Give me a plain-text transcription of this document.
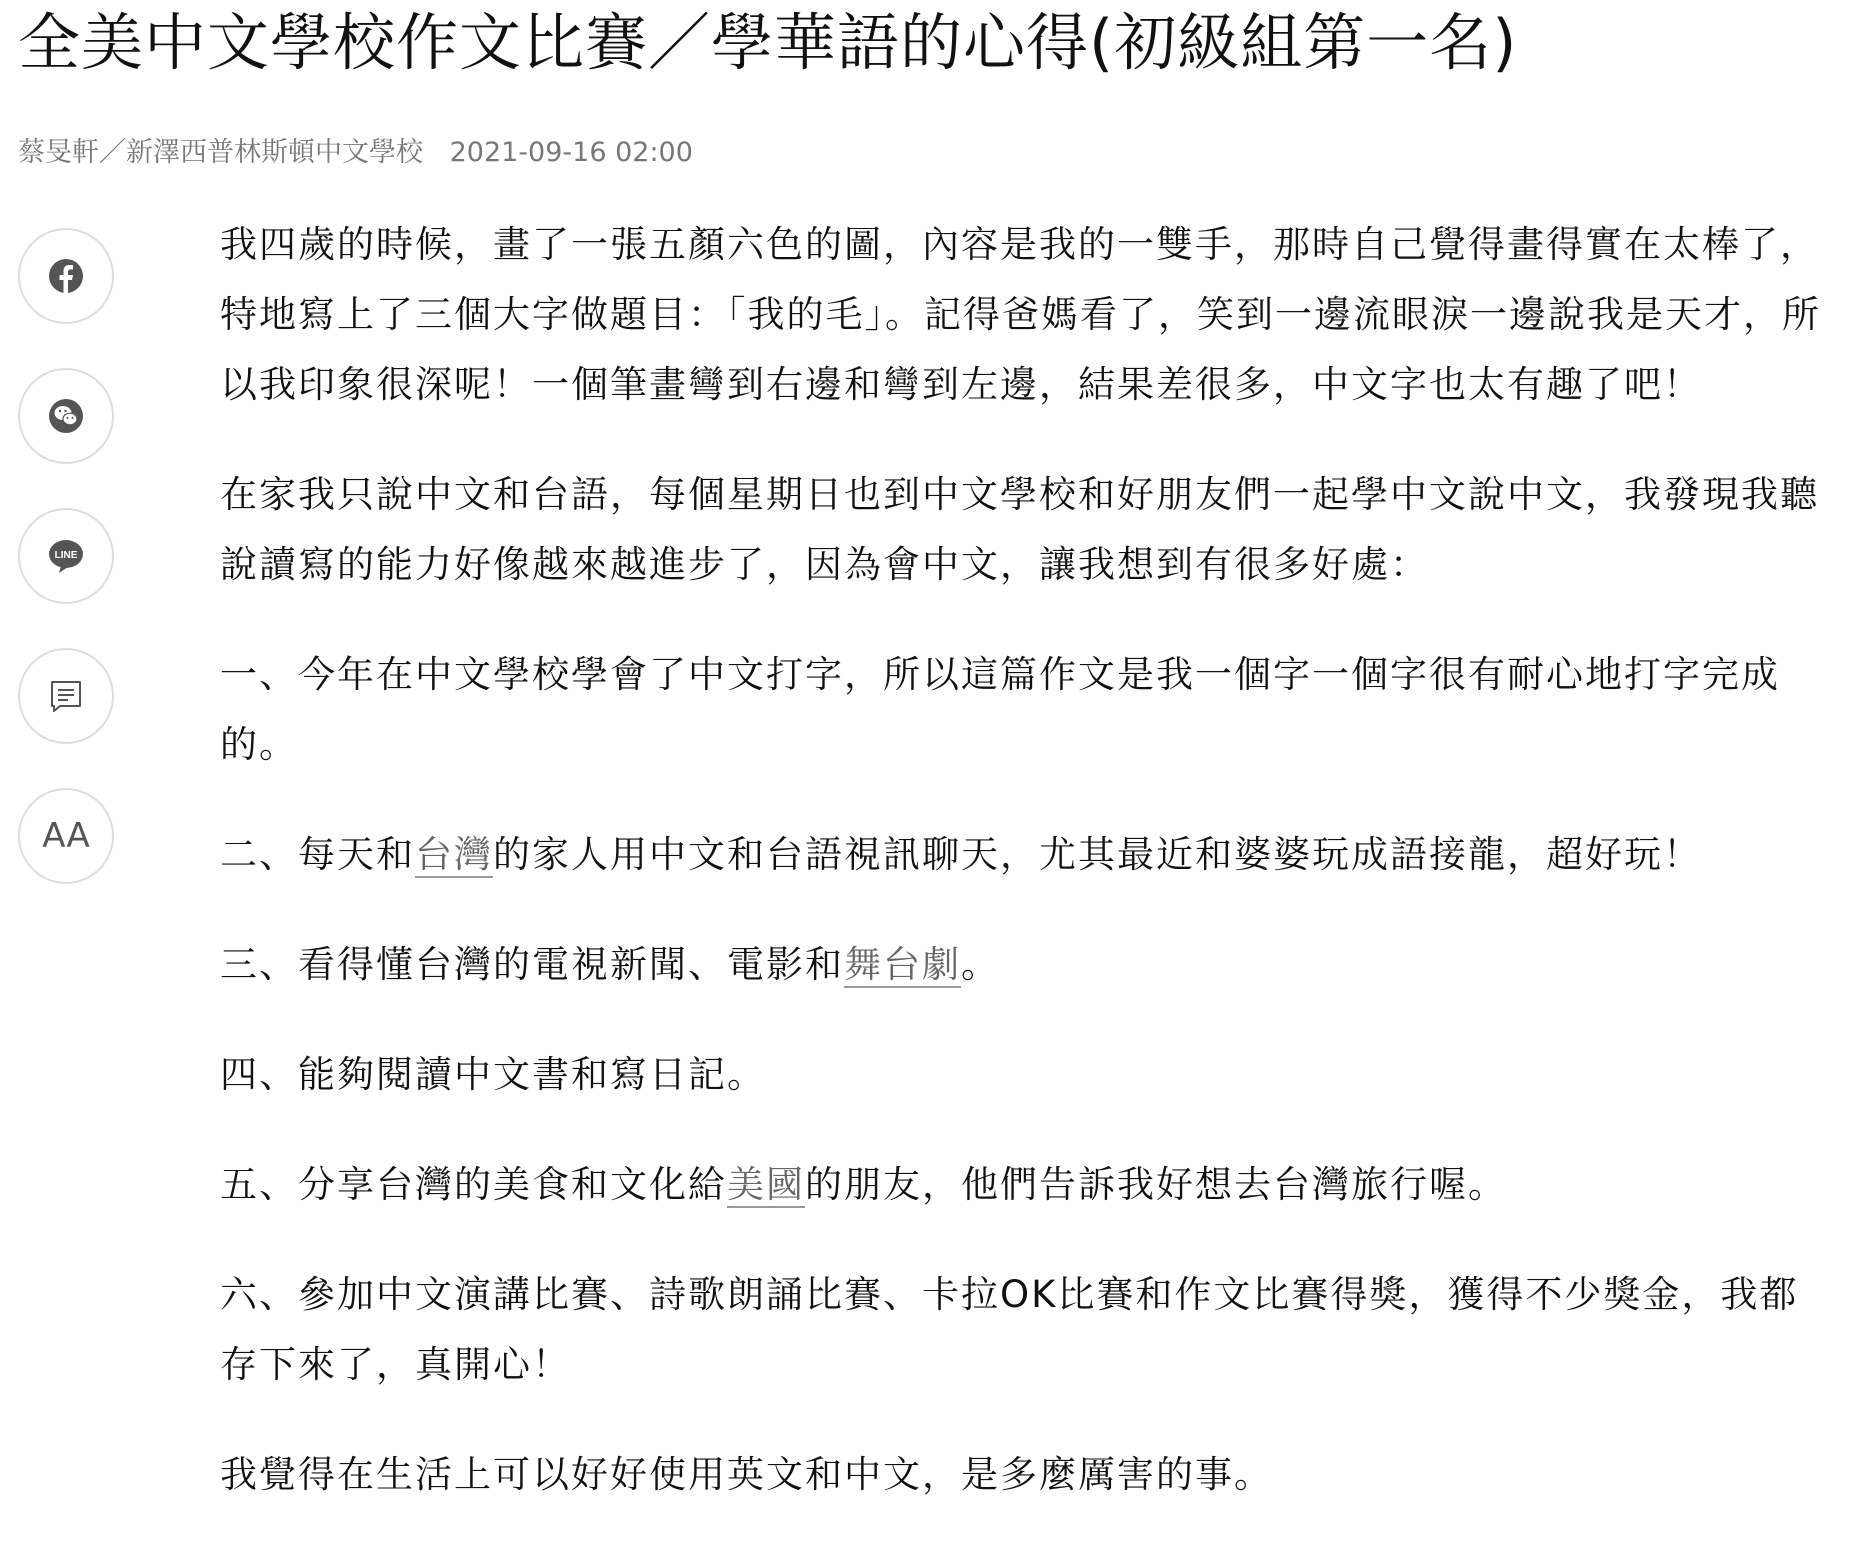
全美中文學校作文比賽／學華語的心得(初級組第一名)
蔡旻軒／新澤西普林斯頓中文學校 2021-09-16 02:00
LINE
AA

我四歲的時候，畫了一張五顏六色的圖，內容是我的一雙手，那時自己覺得畫得實在太棒了，特地寫上了三個大字做題目：「我的毛」。記得爸媽看了，笑到一邊流眼淚一邊說我是天才，所以我印象很深呢！一個筆畫彎到右邊和彎到左邊，結果差很多，中文字也太有趣了吧！

在家我只說中文和台語，每個星期日也到中文學校和好朋友們一起學中文說中文，我發現我聽說讀寫的能力好像越來越進步了，因為會中文，讓我想到有很多好處：

一、今年在中文學校學會了中文打字，所以這篇作文是我一個字一個字很有耐心地打字完成的。

二、每天和台灣的家人用中文和台語視訊聊天，尤其最近和婆婆玩成語接龍，超好玩！

三、看得懂台灣的電視新聞、電影和舞台劇。

四、能夠閱讀中文書和寫日記。

五、分享台灣的美食和文化給美國的朋友，他們告訴我好想去台灣旅行喔。

六、參加中文演講比賽、詩歌朗誦比賽、卡拉OK比賽和作文比賽得獎，獲得不少獎金，我都存下來了，真開心！

我覺得在生活上可以好好使用英文和中文，是多麼厲害的事。
